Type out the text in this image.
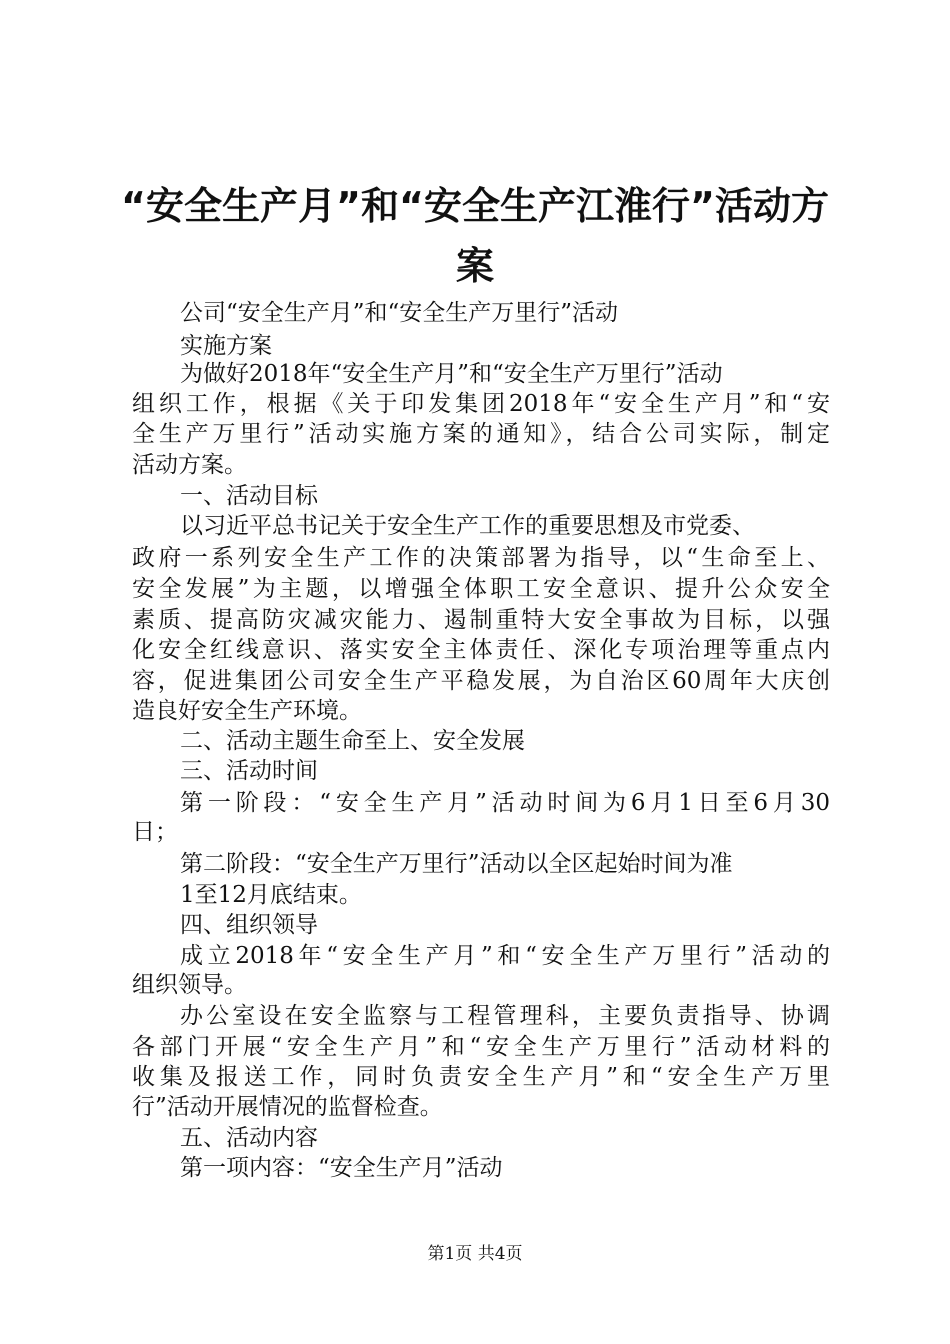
“安全生产月”和“安全生产江淮行”活动方
案
公司“安全生产月”和“安全生产万里行”活动
实施方案
为做好2018年“安全生产月”和“安全生产万里行”活动
组织工作，根据《关于印发集团2018年“安全生产月”和“安
全生产万里行”活动实施方案的通知》，结合公司实际，制定
活动方案。
一、活动目标
以习近平总书记关于安全生产工作的重要思想及市党委、
政府一系列安全生产工作的决策部署为指导，以“生命至上、
安全发展”为主题，以增强全体职工安全意识、提升公众安全
素质、提高防灾减灾能力、遏制重特大安全事故为目标，以强
化安全红线意识、落实安全主体责任、深化专项治理等重点内
容，促进集团公司安全生产平稳发展，为自治区60周年大庆创
造良好安全生产环境。
二、活动主题生命至上、安全发展
三、活动时间
第一阶段：“安全生产月”活动时间为6月1日至6月30
日；
第二阶段：“安全生产万里行”活动以全区起始时间为准
1至12月底结束。
四、组织领导
成立2018年“安全生产月”和“安全生产万里行”活动的
组织领导。
办公室设在安全监察与工程管理科，主要负责指导、协调
各部门开展“安全生产月”和“安全生产万里行”活动材料的
收集及报送工作，同时负责安全生产月”和“安全生产万里
行”活动开展情况的监督检查。
五、活动内容
第一项内容：“安全生产月”活动
第1页 共4页
